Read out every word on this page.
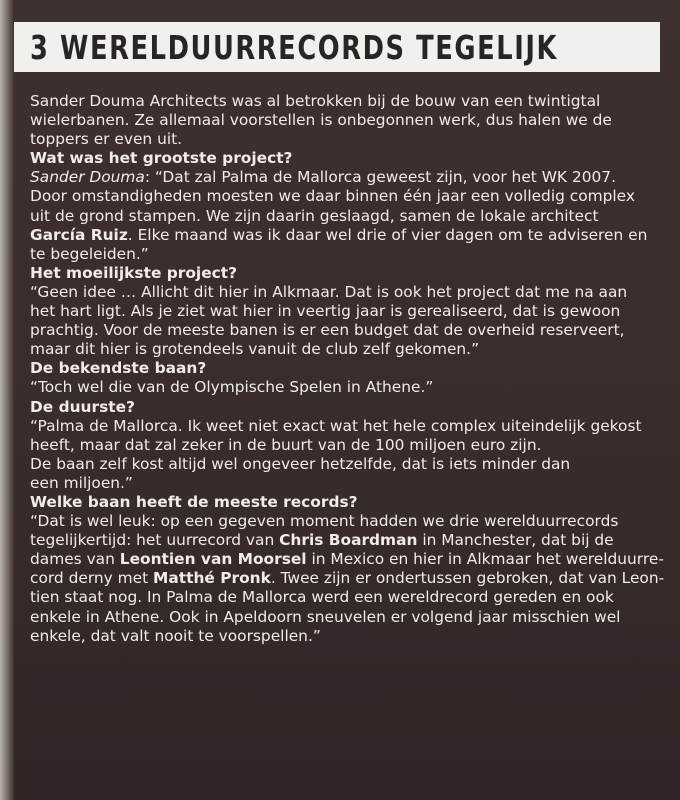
3 WERELDUURRECORDS TEGELIJK

Sander Douma Architects was al betrokken bij de bouw van een twintigtal

wielerbanen. Ze allemaal voorstellen is onbegonnen werk, dus halen we de

toppers er even uit.

Wat was het grootste project?

Sander Douma: “Dat zal Palma de Mallorca geweest zijn, voor het WK 2007.

Door omstandigheden moesten we daar binnen één jaar een volledig complex

uit de grond stampen. We zijn daarin geslaagd, samen de lokale architect

García Ruiz. Elke maand was ik daar wel drie of vier dagen om te adviseren en

te begeleiden.”

Het moeilijkste project?

“Geen idee … Allicht dit hier in Alkmaar. Dat is ook het project dat me na aan

het hart ligt. Als je ziet wat hier in veertig jaar is gerealiseerd, dat is gewoon

prachtig. Voor de meeste banen is er een budget dat de overheid reserveert,

maar dit hier is grotendeels vanuit de club zelf gekomen.”

De bekendste baan?

“Toch wel die van de Olympische Spelen in Athene.”

De duurste?

“Palma de Mallorca. Ik weet niet exact wat het hele complex uiteindelijk gekost

heeft, maar dat zal zeker in de buurt van de 100 miljoen euro zijn.

De baan zelf kost altijd wel ongeveer hetzelfde, dat is iets minder dan

een miljoen.”

Welke baan heeft de meeste records?

“Dat is wel leuk: op een gegeven moment hadden we drie werelduurrecords

tegelijkertijd: het uurrecord van Chris Boardman in Manchester, dat bij de

dames van Leontien van Moorsel in Mexico en hier in Alkmaar het werelduurre-

cord derny met Matthé Pronk. Twee zijn er ondertussen gebroken, dat van Leon-

tien staat nog. In Palma de Mallorca werd een wereldrecord gereden en ook

enkele in Athene. Ook in Apeldoorn sneuvelen er volgend jaar misschien wel

enkele, dat valt nooit te voorspellen.”
